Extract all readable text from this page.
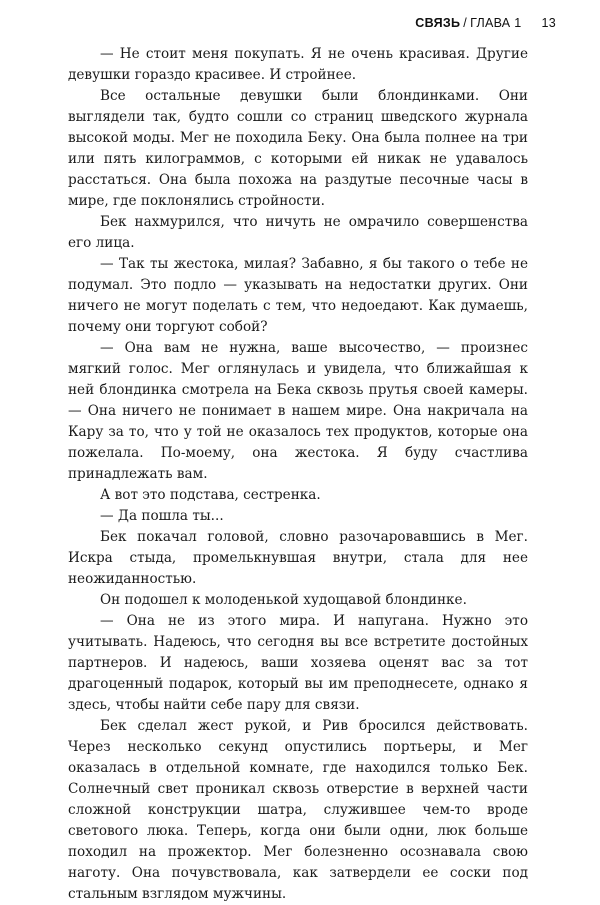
СВЯЗЬ / ГЛАВА 1 13

— Не стоит меня покупать. Я не очень красивая. Другие девушки гораздо красивее. И стройнее.

Все остальные девушки были блондинками. Они выглядели так, будто сошли со страниц шведского журнала высокой моды. Мег не походила Беку. Она была полнее на три или пять килограммов, с которыми ей никак не удавалось расстаться. Она была похожа на раздутые песочные часы в мире, где поклонялись стройности.

Бек нахмурился, что ничуть не омрачило совершенства его лица.

— Так ты жестока, милая? Забавно, я бы такого о тебе не подумал. Это подло — указывать на недостатки других. Они ничего не могут поделать с тем, что недоедают. Как думаешь, почему они торгуют собой?

— Она вам не нужна, ваше высочество, — произнес мягкий голос. Мег оглянулась и увидела, что ближайшая к ней блондинка смотрела на Бека сквозь прутья своей камеры. — Она ничего не понимает в нашем мире. Она накричала на Кару за то, что у той не оказалось тех продуктов, которые она пожелала. По-моему, она жестока. Я буду счастлива принадлежать вам.

А вот это подстава, сестренка.

— Да пошла ты...

Бек покачал головой, словно разочаровавшись в Мег. Искра стыда, промелькнувшая внутри, стала для нее неожиданностью.

Он подошел к молоденькой худощавой блондинке.

— Она не из этого мира. И напугана. Нужно это учитывать. Надеюсь, что сегодня вы все встретите достойных партнеров. И надеюсь, ваши хозяева оценят вас за тот драгоценный подарок, который вы им преподнесете, однако я здесь, чтобы найти себе пару для связи.

Бек сделал жест рукой, и Рив бросился действовать. Через несколько секунд опустились портьеры, и Мег оказалась в отдельной комнате, где находился только Бек. Солнечный свет проникал сквозь отверстие в верхней части сложной конструкции шатра, служившее чем-то вроде светового люка. Теперь, когда они были одни, люк больше походил на прожектор. Мег болезненно осознавала свою наготу. Она почувствовала, как затвердели ее соски под стальным взглядом мужчины.
